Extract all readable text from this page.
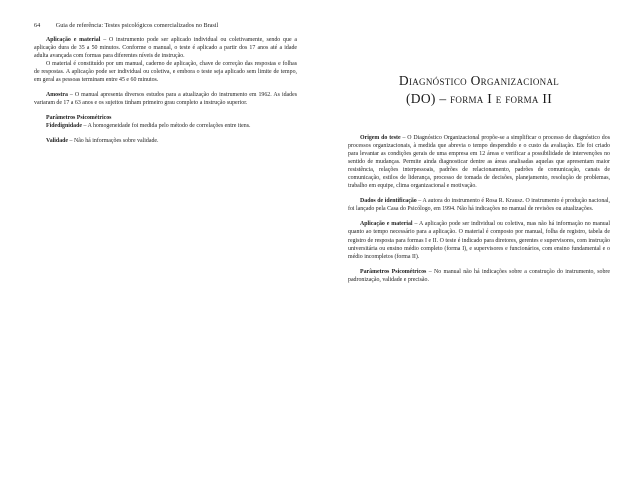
64	Guia de referência: Testes psicológicos comercializados no Brasil

Aplicação e material – O instrumento pode ser aplicado individual ou coletivamente, sendo que a aplicação dura de 35 a 50 minutos. Conforme o manual, o teste é aplicado a partir dos 17 anos até a idade adulta avançada com formas para diferentes níveis de instrução.

O material é constituído por um manual, caderno de aplicação, chave de correção das respostas e folhas de respostas. A aplicação pode ser individual ou coletiva, e embora o teste seja aplicado sem limite de tempo, em geral as pessoas terminam entre 45 e 60 minutos.

Amostra – O manual apresenta diversos estudos para a atualização do instrumento em 1962. As idades variaram de 17 a 63 anos e os sujeitos tinham primeiro grau completo a instrução superior.

Parâmetros Psicométricos

Fidedignidade – A homogeneidade foi medida pelo método de correlações entre itens.

Validade – Não há informações sobre validade.

Diagnóstico Organizacional
(DO) – forma I e forma II

Origem do teste – O Diagnóstico Organizacional propõe-se a simplificar o processo de diagnóstico dos processos organizacionais, à medida que abrevia o tempo despendido e o custo da avaliação. Ele foi criado para levantar as condições gerais de uma empresa em 12 áreas e verificar a possibilidade de intervenções no sentido de mudanças. Permite ainda diagnosticar dentre as áreas analisadas aquelas que apresentam maior resistência, relações interpessoais, padrões de relacionamento, padrões de comunicação, canais de comunicação, estilos de liderança, processo de tomada de decisões, planejamento, resolução de problemas, trabalho em equipe, clima organizacional e motivação.

Dados de identificação – A autora do instrumento é Rosa R. Krausz. O instrumento é produção nacional, foi lançado pela Casa do Psicólogo, em 1994. Não há indicações no manual de revisões ou atualizações.

Aplicação e material – A aplicação pode ser individual ou coletiva, mas não há informação no manual quanto ao tempo necessário para a aplicação. O material é composto por manual, folha de registro, tabela de registro de resposta para formas I e II. O teste é indicado para diretores, gerentes e supervisores, com instrução universitária ou ensino médio completo (forma I), e supervisores e funcionários, com ensino fundamental e o médio incompletos (forma II).

Parâmetros Psicométricos – No manual não há indicações sobre a construção do instrumento, sobre padronização, validade e precisão.
